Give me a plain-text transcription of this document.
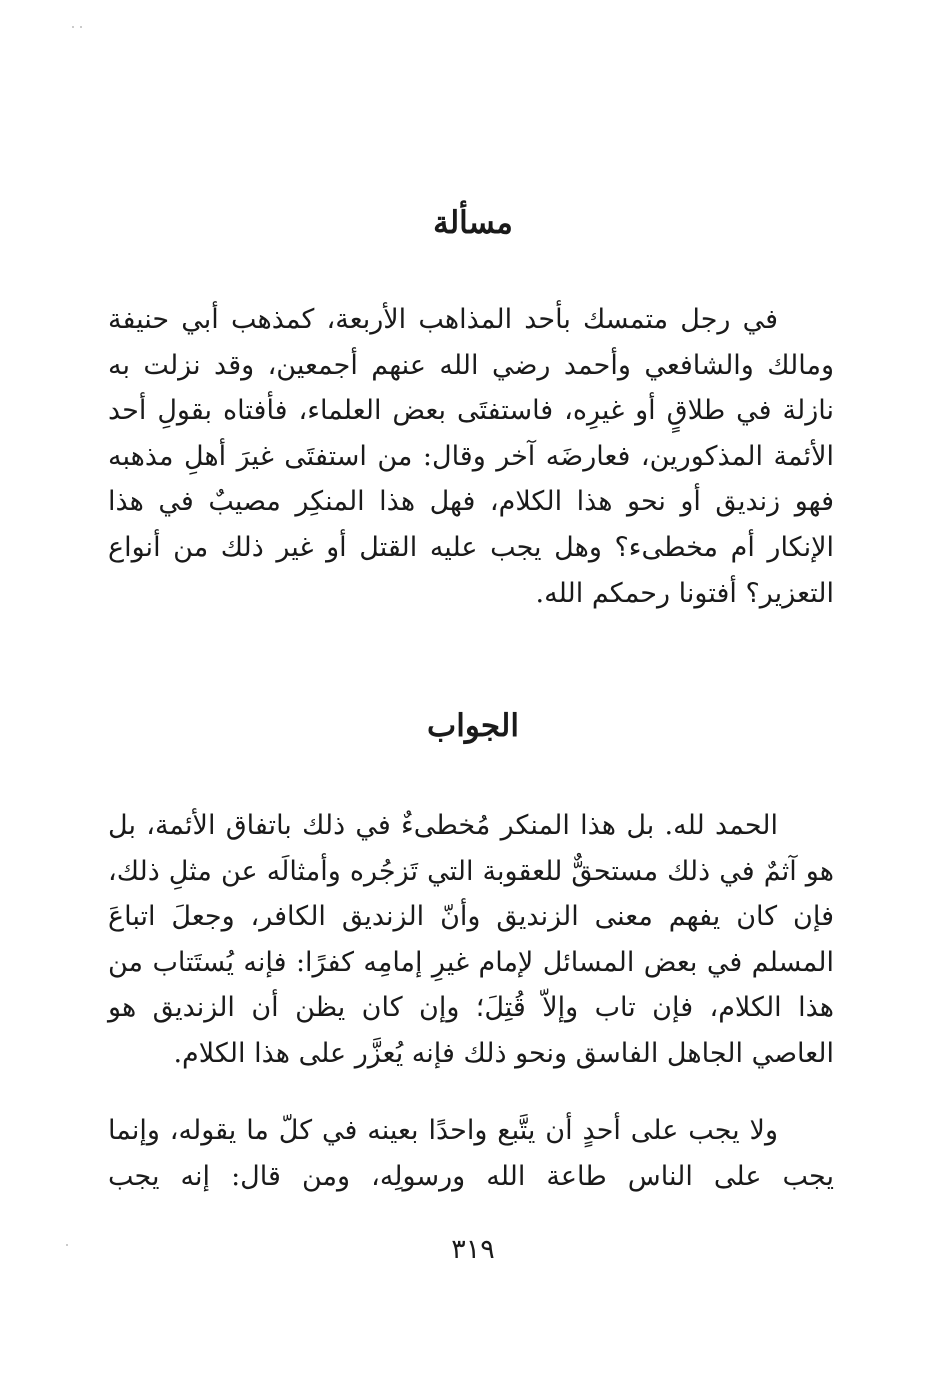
مسألة

في رجل متمسك بأحد المذاهب الأربعة، كمذهب أبي حنيفة ومالك والشافعي وأحمد رضي الله عنهم أجمعين، وقد نزلت به نازلة في طلاقٍ أو غيرِه، فاستفتَى بعض العلماء، فأفتاه بقولِ أحد الأئمة المذكورين، فعارضَه آخر وقال: من استفتَى غيرَ أهلِ مذهبه فهو زنديق أو نحو هذا الكلام، فهل هذا المنكِر مصيبٌ في هذا الإنكار أم مخطىء؟ وهل يجب عليه القتل أو غير ذلك من أنواع التعزير؟ أفتونا رحمكم الله.

الجواب

الحمد لله. بل هذا المنكر مُخطىءٌ في ذلك باتفاق الأئمة، بل هو آثمٌ في ذلك مستحقٌّ للعقوبة التي تَزجُره وأمثالَه عن مثلِ ذلك، فإن كان يفهم معنى الزنديق وأنّ الزنديق الكافر، وجعلَ اتباعَ المسلم في بعض المسائل لإمام غيرِ إمامِه كفرًا: فإنه يُستَتاب من هذا الكلام، فإن تاب وإلاّ قُتِلَ؛ وإن كان يظن أن الزنديق هو العاصي الجاهل الفاسق ونحو ذلك فإنه يُعزَّر على هذا الكلام.

ولا يجب على أحدٍ أن يتَّبع واحدًا بعينه في كلّ ما يقوله، وإنما يجب على الناس طاعة الله ورسولِه، ومن قال: إنه يجب

٣١٩
